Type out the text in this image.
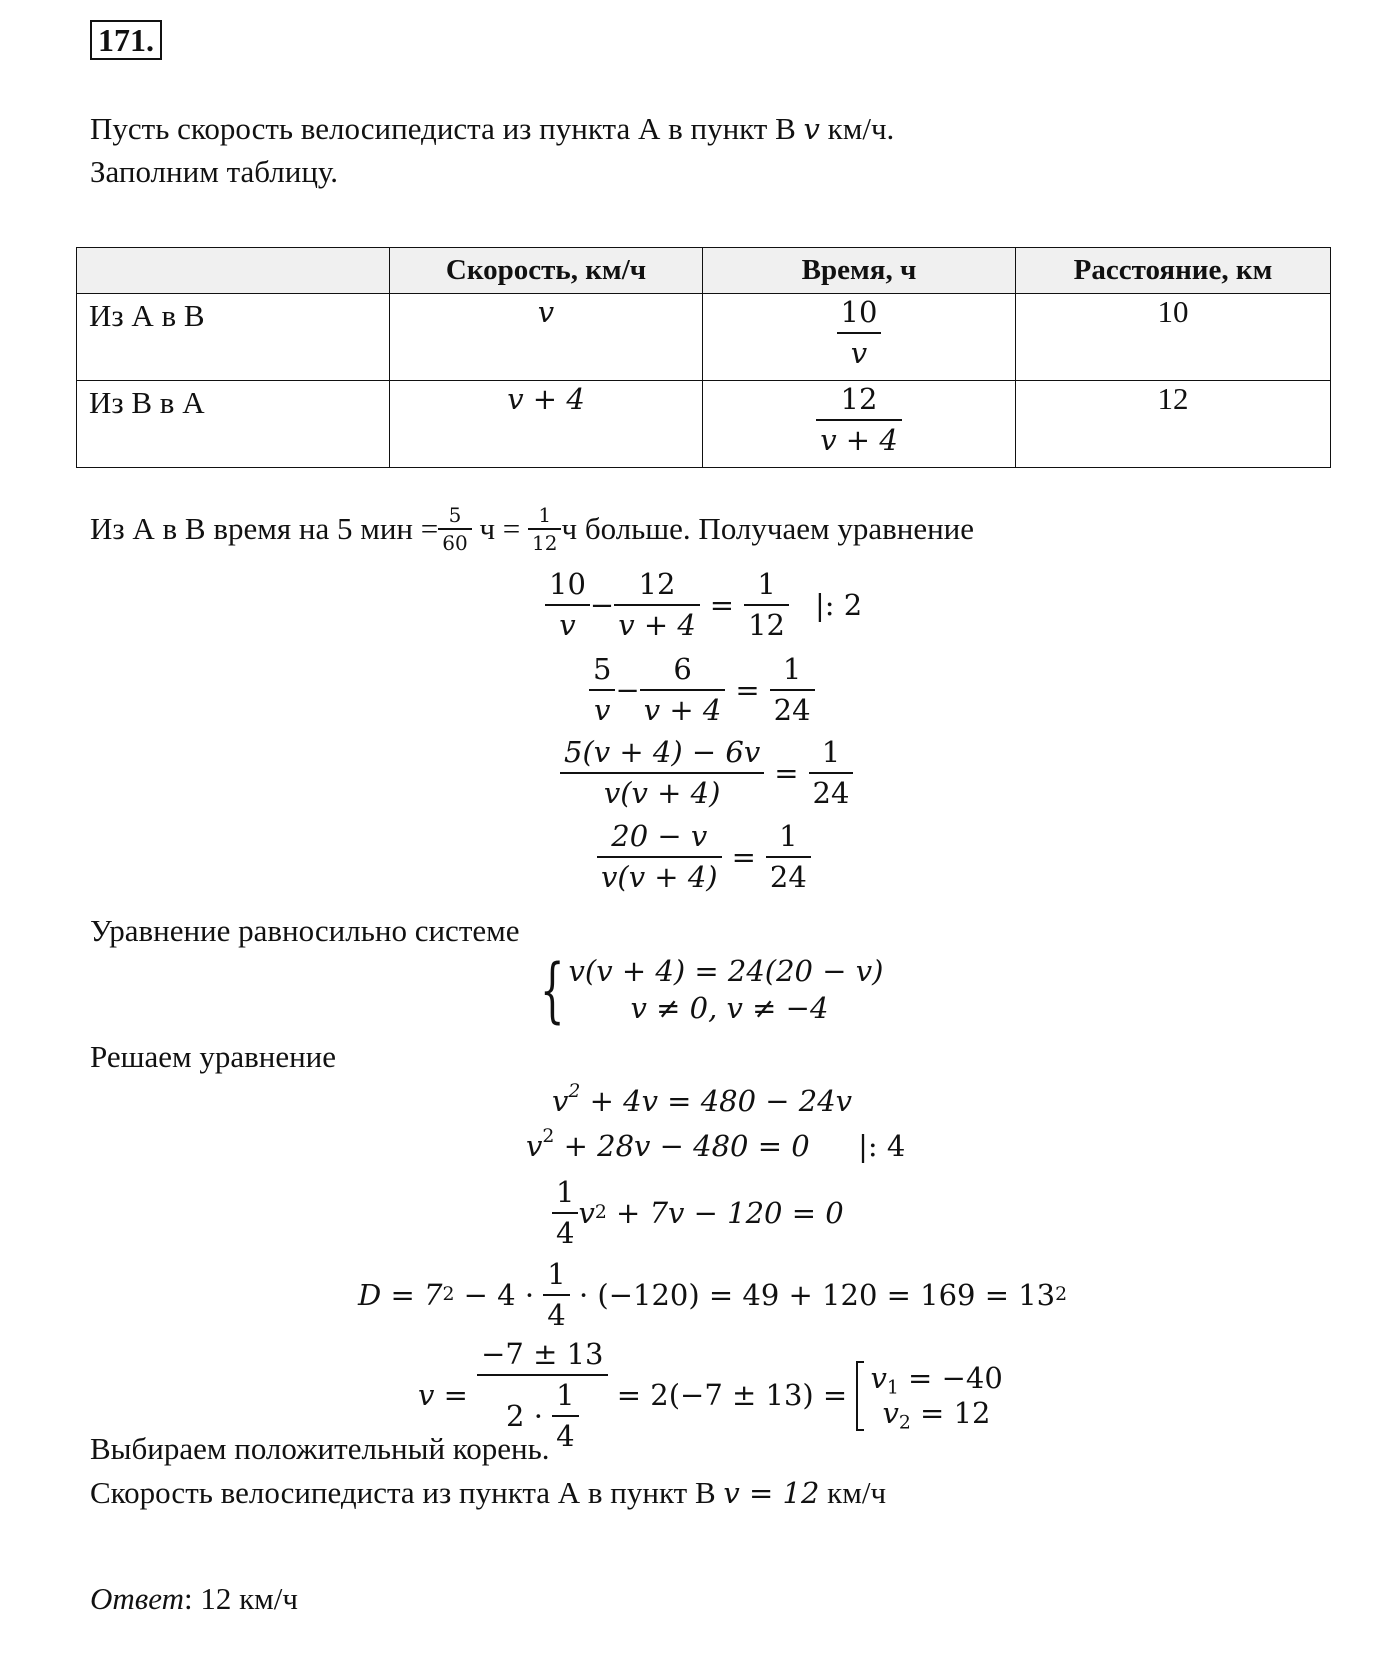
171.
Пусть скорость велосипедиста из пункта А в пункт В v км/ч.
Заполним таблицу.
	Скорость, км/ч	Время, ч	Расстояние, км

Из А в В	v	$\frac{10}{v}$	10

Из В в А	v + 4	$\frac{12}{v + 4}$	12
Из А в В время на 5 мин = $\frac{5}{60}$ $ч = \frac{1}{12}$ ч больше. Получаем уравнение
$\frac{10}{v} - \frac{12}{v + 4} = \frac{1}{12}$ |: 2
$\frac{5}{v} - \frac{6}{v + 4} = \frac{1}{24}$
$\frac{5(v + 4) - 6v}{v(v + 4)} = \frac{1}{24}$
$\frac{20 - v}{v(v + 4)} = \frac{1}{24}$
Уравнение равносильно системе
{ v(v + 4) = 24(20 − v)
v ≠ 0, v ≠ −4
Решаем уравнение
$v^2 + 4v = 480 - 24v$
$v^2 + 28v - 480 = 0$ |: 4
$\frac{1}{4}$ v 2 + 7v − 120 = 0
D = 7 $2 - 4 \cdot \frac{1}{4} \cdot (-120) = 49 + 120 = 169 = 13$ 2
$v = \frac{-7 \pm 13}{2 \cdot \frac{1}{4}} = 2(-7 \pm 13)$ =
$v_1 = -40$
$v_2 = 12$
Выбираем положительный корень.
Скорость велосипедиста из пункта А в пункт В v = 12 км/ч
Ответ: 12 км/ч
